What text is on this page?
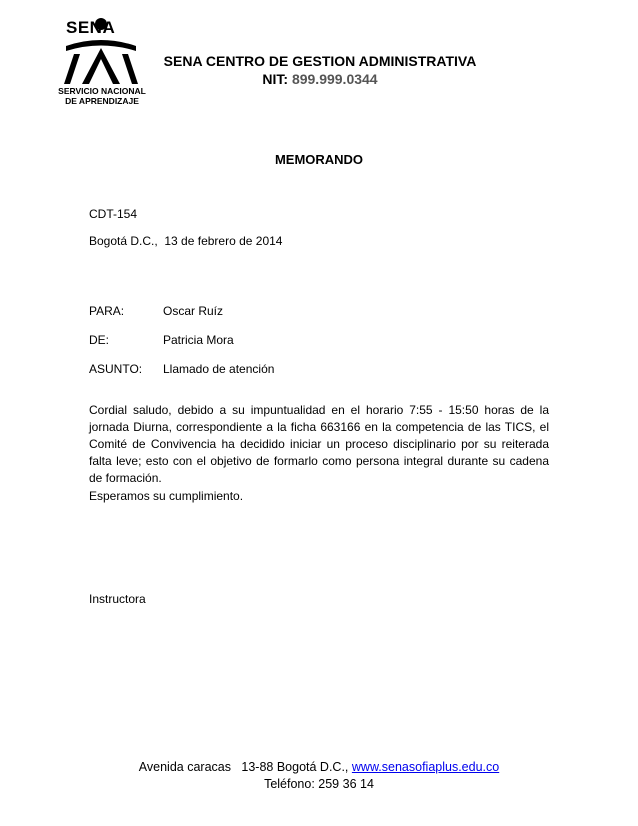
SENA
SERVICIO NACIONAL
DE APRENDIZAJE
SENA CENTRO DE GESTION ADMINISTRATIVA
NIT: 899.999.0344
MEMORANDO
CDT-154
Bogotá D.C.,  13 de febrero de 2014
PARA:	Oscar Ruíz
DE:	Patricia Mora
ASUNTO: Llamado de atención
Cordial saludo, debido a su impuntualidad en el horario 7:55 - 15:50 horas de la jornada Diurna, correspondiente a la ficha 663166 en la competencia de las TICS, el Comité de Convivencia ha decidido iniciar un proceso disciplinario por su reiterada falta leve; esto con el objetivo de formarlo como persona integral durante su cadena de formación.
Esperamos su cumplimiento.
Instructora
Avenida caracas   13-88 Bogotá D.C., www.senasofiaplus.edu.co
Teléfono: 259 36 14
